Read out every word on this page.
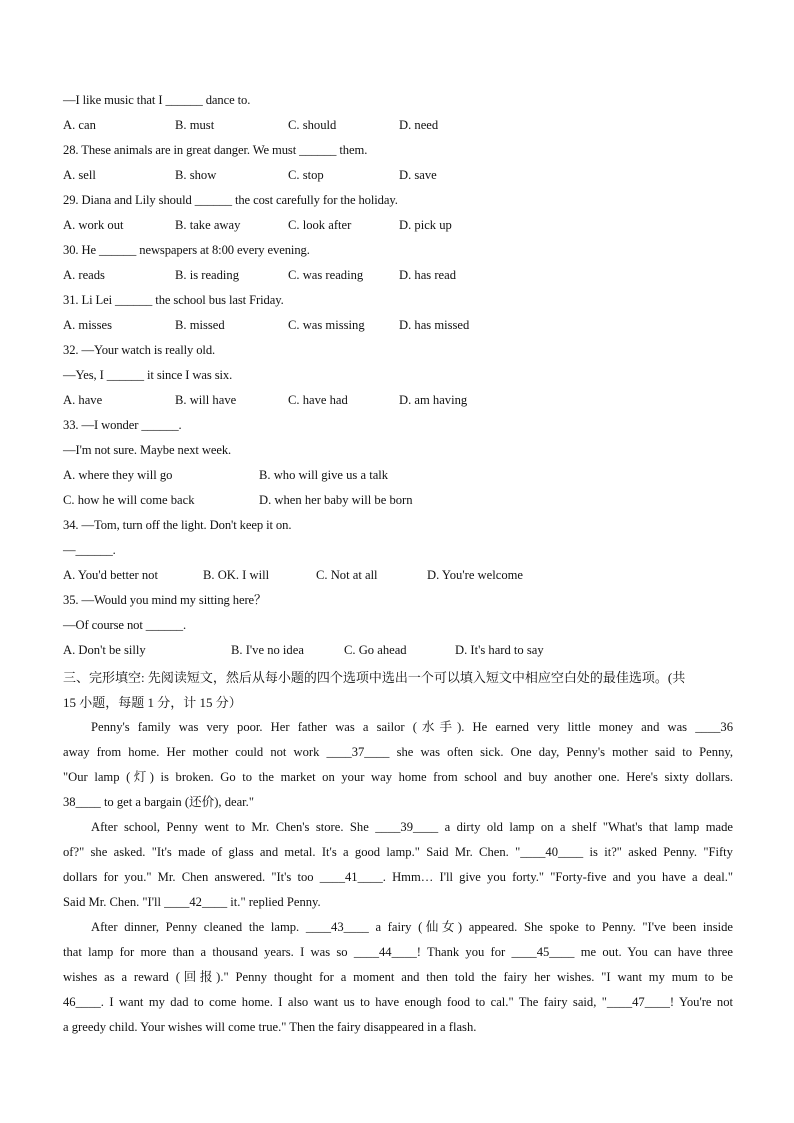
—I like music that I ______ dance to.
A. can	B. must	C. should	D. need
28. These animals are in great danger. We must ______ them.
A. sell	B. show	C. stop	D. save
29. Diana and Lily should ______ the cost carefully for the holiday.
A. work out	B. take away	C. look after	D. pick up
30. He ______ newspapers at 8:00 every evening.
A. reads	B. is reading	C. was reading	D. has read
31. Li Lei ______ the school bus last Friday.
A. misses	B. missed	C. was missing	D. has missed
32. —Your watch is really old.
—Yes, I ______ it since I was six.
A. have	B. will have	C. have had	D. am having
33. —I wonder ______.
—I'm not sure. Maybe next week.
A. where they will go	B. who will give us a talk
C. how he will come back	D. when her baby will be born
34. —Tom, turn off the light. Don't keep it on.
—______.
A. You'd better not	B. OK. I will	C. Not at all	D. You're welcome
35. —Would you mind my sitting here？
—Of course not ______.
A. Don't be silly	B. I've no idea	C. Go ahead	D. It's hard to say
三、完形填空: 先阅读短文，然后从每小题的四个选项中选出一个可以填入短文中相应空白处的最佳选项。(共
15 小题，每题 1 分，计 15 分）
Penny's family was very poor. Her father was a sailor (水手). He earned very little money and was ____36
away from home. Her mother could not work ____37____ she was often sick. One day, Penny's mother said to Penny,
"Our lamp (灯) is broken. Go to the market on your way home from school and buy another one. Here's sixty dollars.
38____ to get a bargain (还价), dear."
After school, Penny went to Mr. Chen's store. She ____39____ a dirty old lamp on a shelf "What's that lamp made
of?" she asked. "It's made of glass and metal. It's a good lamp." Said Mr. Chen. "____40____ is it?" asked Penny. "Fifty
dollars for you." Mr. Chen answered. "It's too ____41____. Hmm… I'll give you forty." "Forty-five and you have a deal."
Said Mr. Chen. "I'll ____42____ it." replied Penny.
After dinner, Penny cleaned the lamp. ____43____ a fairy (仙女) appeared. She spoke to Penny. "I've been inside
that lamp for more than a thousand years. I was so ____44____! Thank you for ____45____ me out. You can have three
wishes as a reward (回报)." Penny thought for a moment and then told the fairy her wishes. "I want my mum to be
46____. I want my dad to come home. I also want us to have enough food to cal." The fairy said, "____47____! You're not
a greedy child. Your wishes will come true." Then the fairy disappeared in a flash.
